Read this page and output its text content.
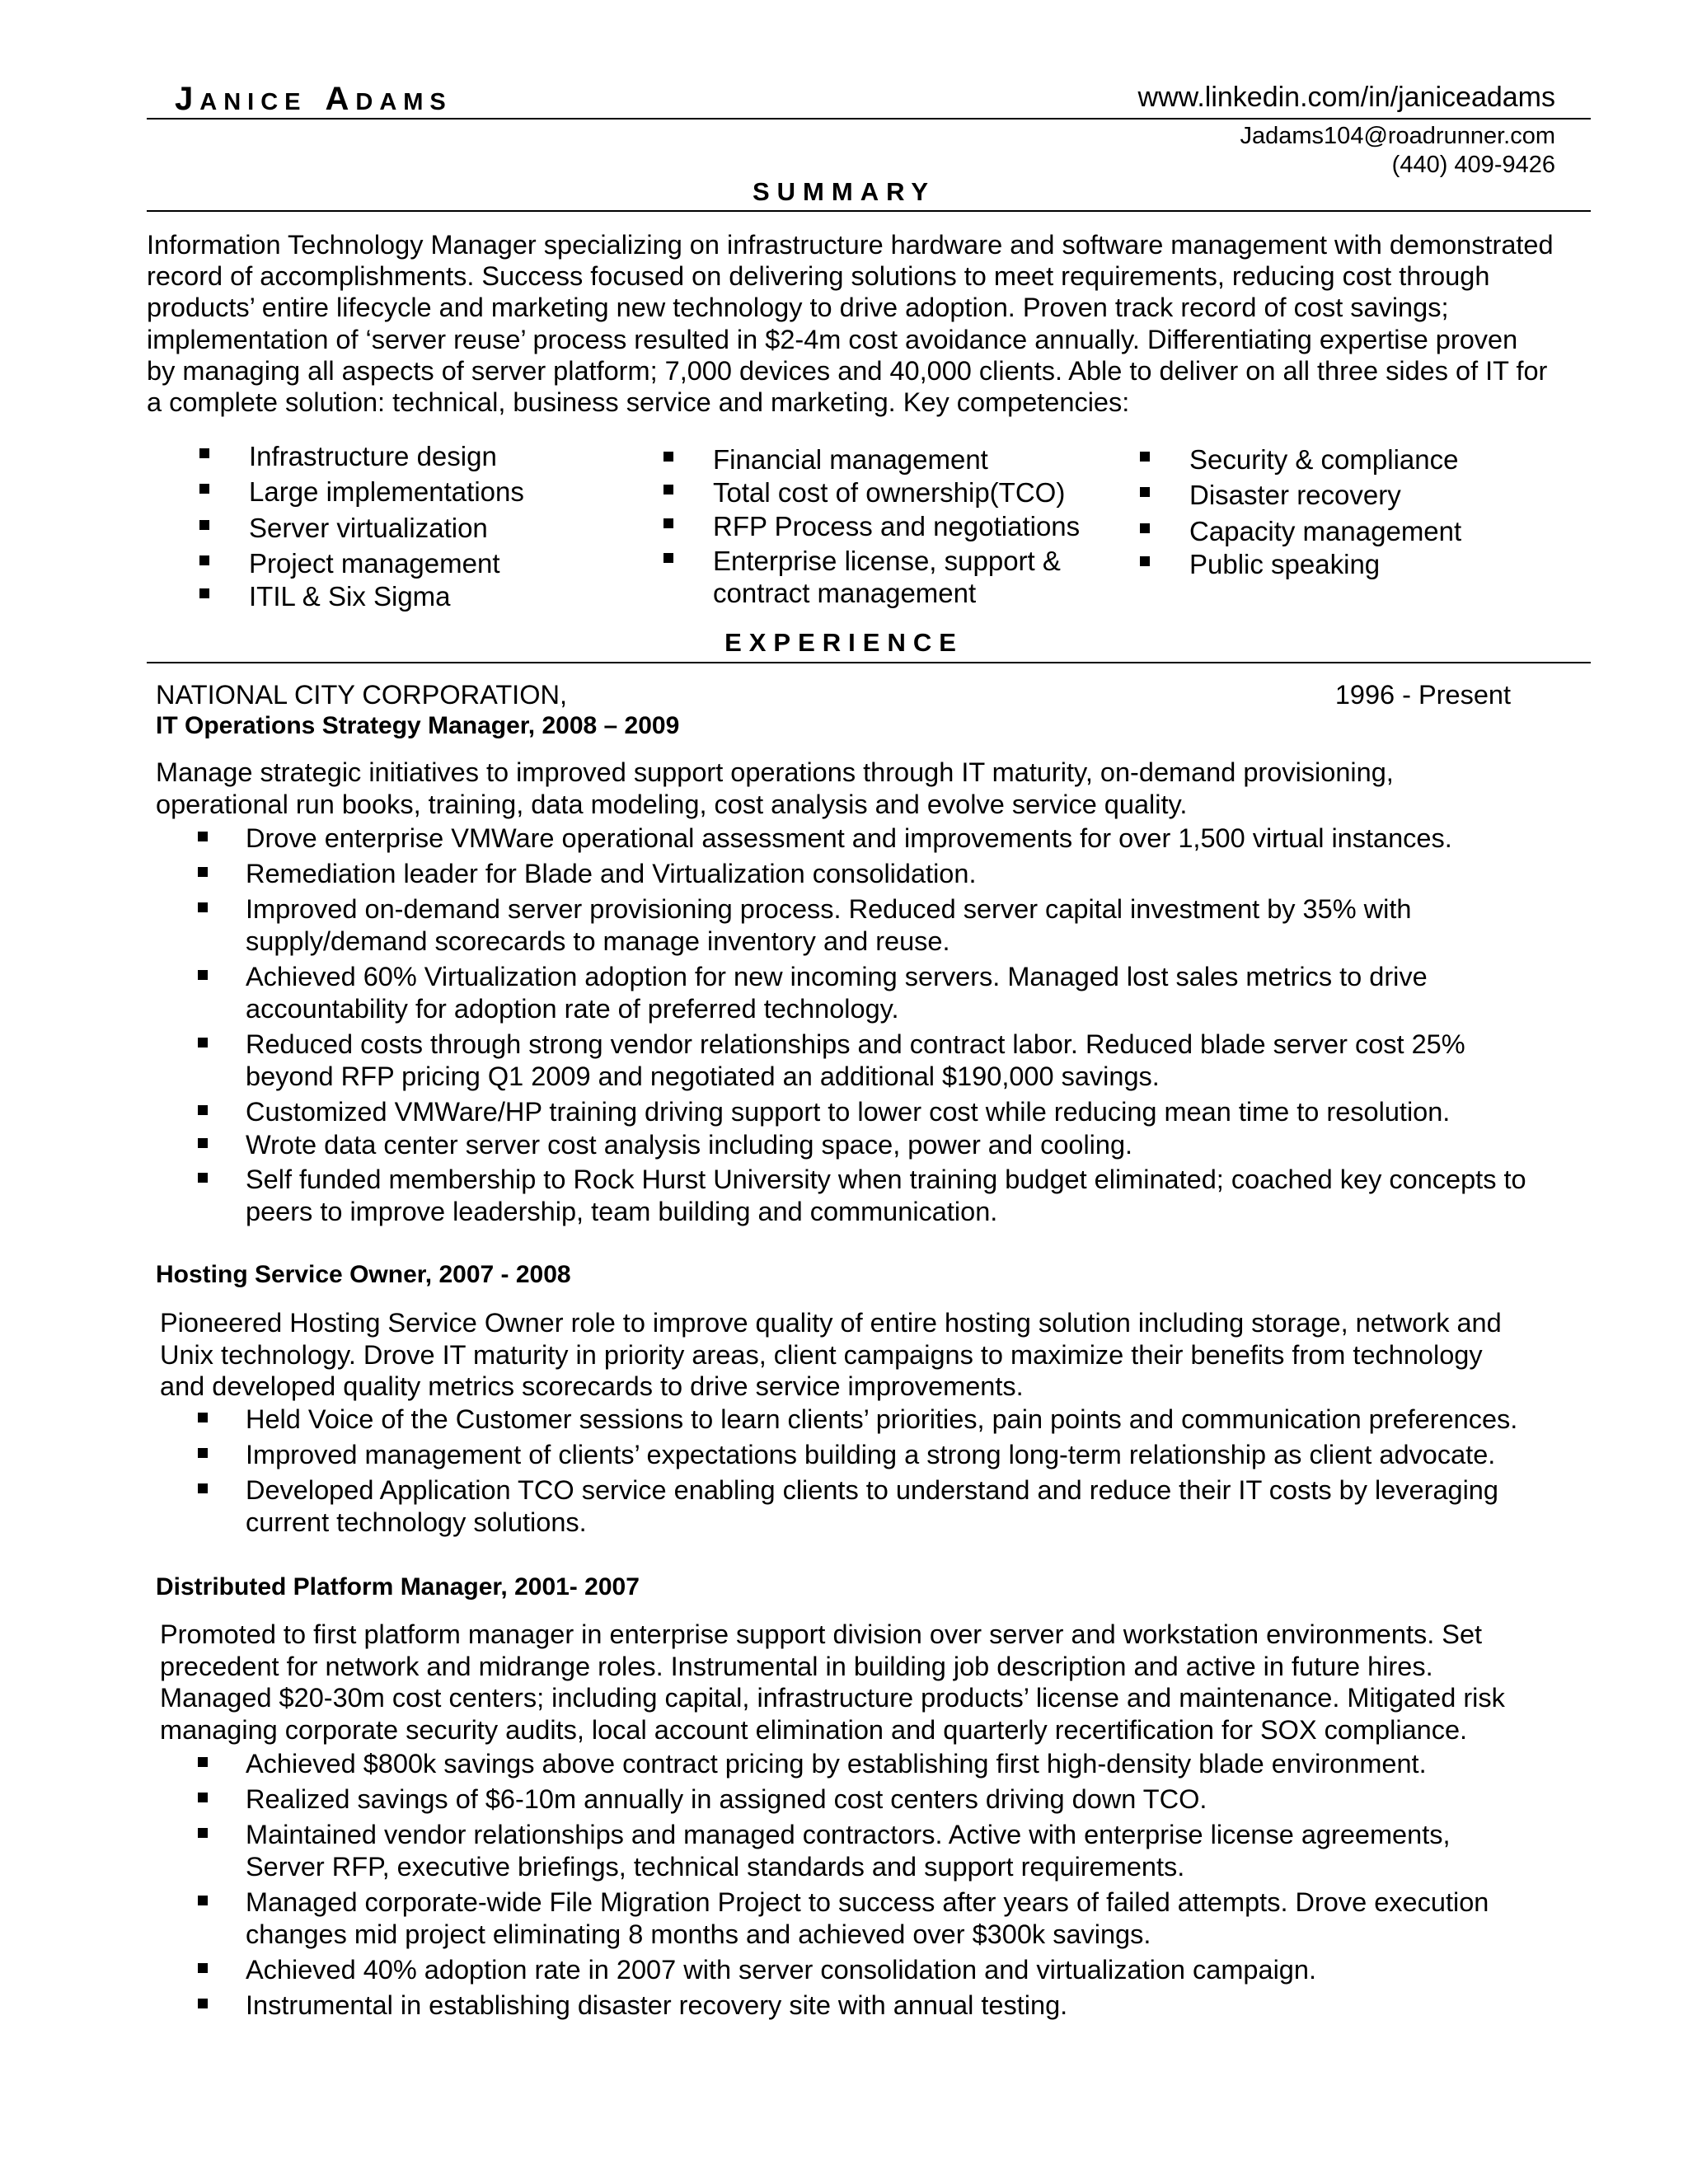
JANICE ADAMS	www.linkedin.com/in/janiceadams
Jadams104@roadrunner.com
(440) 409-9426
SUMMARY
Information Technology Manager specializing on infrastructure hardware and software management with demonstrated
record of accomplishments. Success focused on delivering solutions to meet requirements, reducing cost through
products’ entire lifecycle and marketing new technology to drive adoption. Proven track record of cost savings;
implementation of ‘server reuse’ process resulted in $2-4m cost avoidance annually. Differentiating expertise proven
by managing all aspects of server platform; 7,000 devices and 40,000 clients. Able to deliver on all three sides of IT for
a complete solution: technical, business service and marketing. Key competencies:
Infrastructure design
Large implementations
Server virtualization
Project management
ITIL & Six Sigma
Financial management
Total cost of ownership(TCO)
RFP Process and negotiations
Enterprise license, support &
contract management
Security & compliance
Disaster recovery
Capacity management
Public speaking
EXPERIENCE
NATIONAL CITY CORPORATION,	1996 - Present
IT Operations Strategy Manager, 2008 – 2009
Manage strategic initiatives to improved support operations through IT maturity, on-demand provisioning,
operational run books, training, data modeling, cost analysis and evolve service quality.
Drove enterprise VMWare operational assessment and improvements for over 1,500 virtual instances.
Remediation leader for Blade and Virtualization consolidation.
Improved on-demand server provisioning process. Reduced server capital investment by 35% with
supply/demand scorecards to manage inventory and reuse.
Achieved 60% Virtualization adoption for new incoming servers. Managed lost sales metrics to drive
accountability for adoption rate of preferred technology.
Reduced costs through strong vendor relationships and contract labor. Reduced blade server cost 25%
beyond RFP pricing Q1 2009 and negotiated an additional $190,000 savings.
Customized VMWare/HP training driving support to lower cost while reducing mean time to resolution.
Wrote data center server cost analysis including space, power and cooling.
Self funded membership to Rock Hurst University when training budget eliminated; coached key concepts to
peers to improve leadership, team building and communication.
Hosting Service Owner, 2007 - 2008
Pioneered Hosting Service Owner role to improve quality of entire hosting solution including storage, network and
Unix technology. Drove IT maturity in priority areas, client campaigns to maximize their benefits from technology
and developed quality metrics scorecards to drive service improvements.
Held Voice of the Customer sessions to learn clients’ priorities, pain points and communication preferences.
Improved management of clients’ expectations building a strong long-term relationship as client advocate.
Developed Application TCO service enabling clients to understand and reduce their IT costs by leveraging
current technology solutions.
Distributed Platform Manager, 2001- 2007
Promoted to first platform manager in enterprise support division over server and workstation environments. Set
precedent for network and midrange roles. Instrumental in building job description and active in future hires.
Managed $20-30m cost centers; including capital, infrastructure products’ license and maintenance. Mitigated risk
managing corporate security audits, local account elimination and quarterly recertification for SOX compliance.
Achieved $800k savings above contract pricing by establishing first high-density blade environment.
Realized savings of $6-10m annually in assigned cost centers driving down TCO.
Maintained vendor relationships and managed contractors. Active with enterprise license agreements,
Server RFP, executive briefings, technical standards and support requirements.
Managed corporate-wide File Migration Project to success after years of failed attempts. Drove execution
changes mid project eliminating 8 months and achieved over $300k savings.
Achieved 40% adoption rate in 2007 with server consolidation and virtualization campaign.
Instrumental in establishing disaster recovery site with annual testing.
